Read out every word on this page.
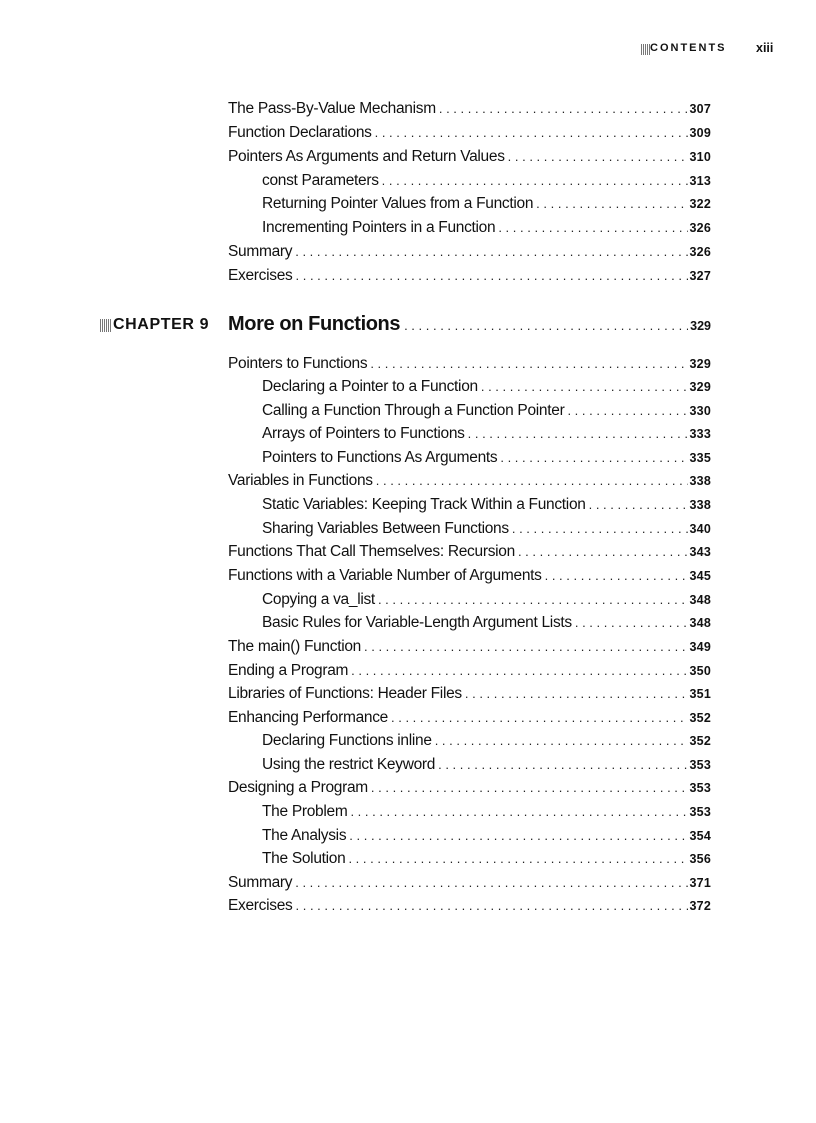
CONTENTS xiii
The Pass-By-Value Mechanism . . .	307
Function Declarations . . .	309
Pointers As Arguments and Return Values . . .	310
const Parameters . . .	313
Returning Pointer Values from a Function . . .	322
Incrementing Pointers in a Function . . .	326
Summary . . .	326
Exercises . . .	327
CHAPTER 9 More on Functions . . .	329
Pointers to Functions . . .	329
Declaring a Pointer to a Function . . .	329
Calling a Function Through a Function Pointer . . .	330
Arrays of Pointers to Functions . . .	333
Pointers to Functions As Arguments . . .	335
Variables in Functions . . .	338
Static Variables: Keeping Track Within a Function . . .	338
Sharing Variables Between Functions . . .	340
Functions That Call Themselves: Recursion . . .	343
Functions with a Variable Number of Arguments . . .	345
Copying a va_list . . .	348
Basic Rules for Variable-Length Argument Lists . . .	348
The main() Function . . .	349
Ending a Program . . .	350
Libraries of Functions: Header Files . . .	351
Enhancing Performance . . .	352
Declaring Functions inline . . .	352
Using the restrict Keyword . . .	353
Designing a Program . . .	353
The Problem . . .	353
The Analysis . . .	354
The Solution . . .	356
Summary . . .	371
Exercises . . .	372
